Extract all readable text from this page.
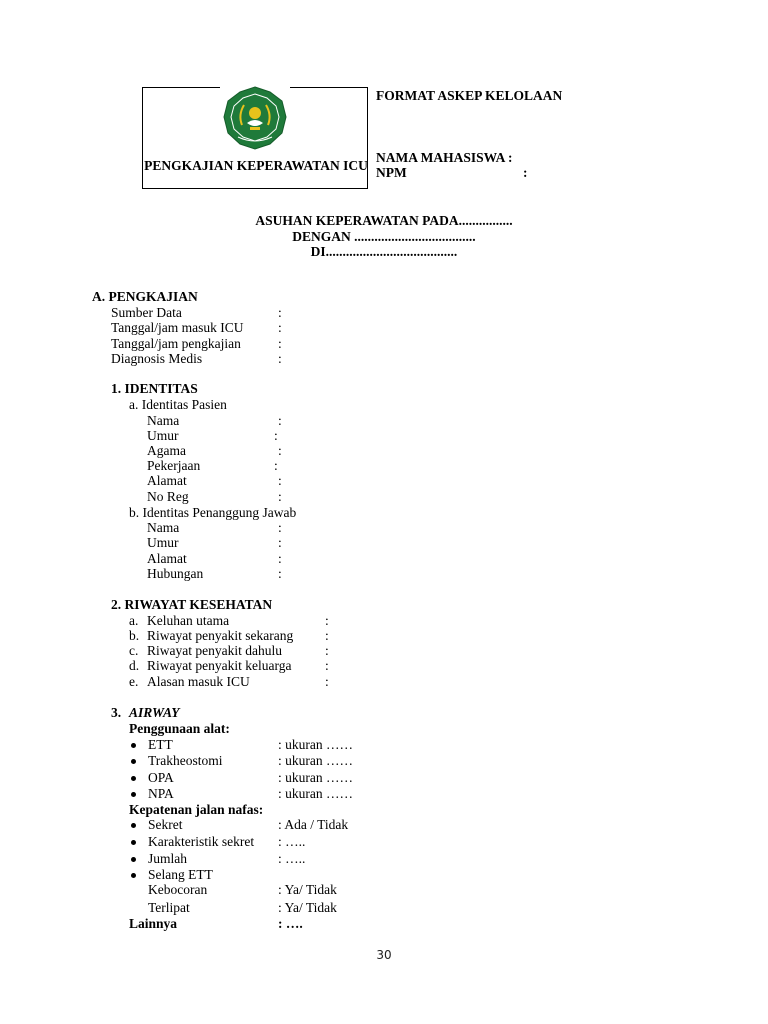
PENGKAJIAN KEPERAWATAN ICU
FORMAT ASKEP KELOLAAN
NAMA MAHASISWA :
NPM	:
ASUHAN KEPERAWATAN PADA................
DENGAN ....................................
DI.......................................
A. PENGKAJIAN
Sumber Data	:
Tanggal/jam masuk ICU	:
Tanggal/jam pengkajian	:
Diagnosis Medis	:
1. IDENTITAS
a. Identitas Pasien
Nama	:
Umur	:
Agama	:
Pekerjaan	:
Alamat	:
No Reg	:
b. Identitas Penanggung Jawab
Nama	:
Umur	:
Alamat	:
Hubungan	:
2. RIWAYAT KESEHATAN
a. Keluhan utama	:
b. Riwayat penyakit sekarang :
c. Riwayat penyakit dahulu	:
d. Riwayat penyakit keluarga :
e. Alasan masuk ICU	:
3. AIRWAY
Penggunaan alat:
ETT	: ukuran ……
Trakheostomi	: ukuran ……
OPA	: ukuran ……
NPA	: ukuran ……
Kepatenan jalan nafas:
Sekret	: Ada / Tidak
Karakteristik sekret : …..
Jumlah	: …..
Selang ETT
Kebocoran	: Ya/ Tidak
Terlipat	: Ya/ Tidak
Lainnya	: ….
30
